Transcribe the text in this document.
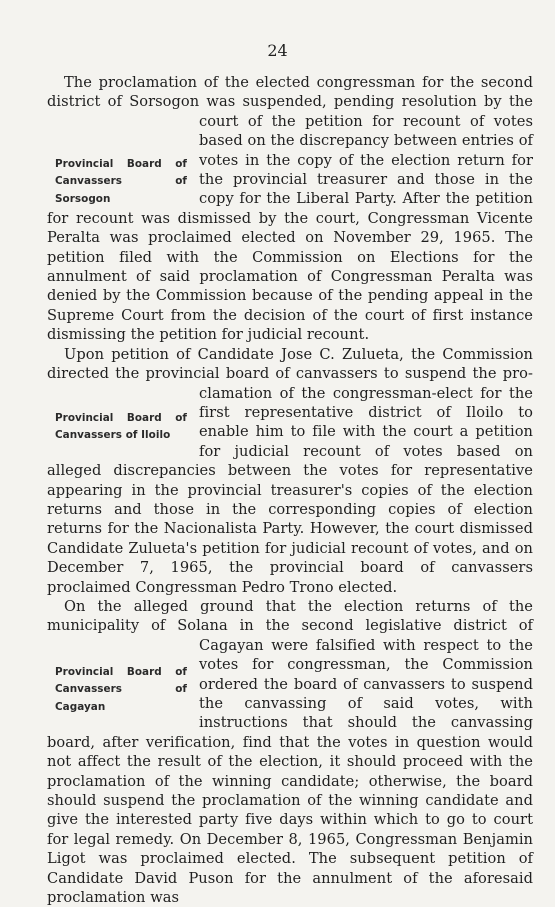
24

The proclamation of the elected congressman for the second district of Sorsogon was suspended, pending resolution by the
Provincial Board of Canvassers of Sorsogon
court of the petition for recount of votes based on the discrepancy between entries of votes in the copy of the election return for the provincial treasurer and those in the copy for the Liberal Party. After the petition for recount was dismissed by the court, Congressman Vicente Peralta was proclaimed elected on November 29, 1965. The petition filed with the Commission on Elections for the annulment of said proclamation of Congressman Peralta was denied by the Commission because of the pending appeal in the Supreme Court from the decision of the court of first instance dismissing the petition for judicial recount.

Upon petition of Candidate Jose C. Zulueta, the Commission directed the provincial board of canvassers to suspend the pro-
Provincial Board of Canvassers of Iloilo
clamation of the congressman-elect for the first representative district of Iloilo to enable him to file with the court a petition for judicial recount of votes based on alleged discrepancies between the votes for representative appearing in the provincial treasurer's copies of the election returns and those in the corresponding copies of election returns for the Nacionalista Party. However, the court dismissed Candidate Zulueta's petition for judicial recount of votes, and on December 7, 1965, the provincial board of canvassers proclaimed Congressman Pedro Trono elected.

On the alleged ground that the election returns of the municipality of Solana in the second legislative district of Cagayan
Provincial Board of Canvassers of Cagayan
were falsified with respect to the votes for congressman, the Commission ordered the board of canvassers to suspend the canvassing of said votes, with instructions that should the canvassing board, after verification, find that the votes in question would not affect the result of the election, it should proceed with the proclamation of the winning candidate; otherwise, the board should suspend the proclamation of the winning candidate and give the interested party five days within which to go to court for legal remedy. On December 8, 1965, Congressman Benjamin Ligot was proclaimed elected. The subsequent petition of Candidate David Puson for the annulment of the aforesaid proclamation was
